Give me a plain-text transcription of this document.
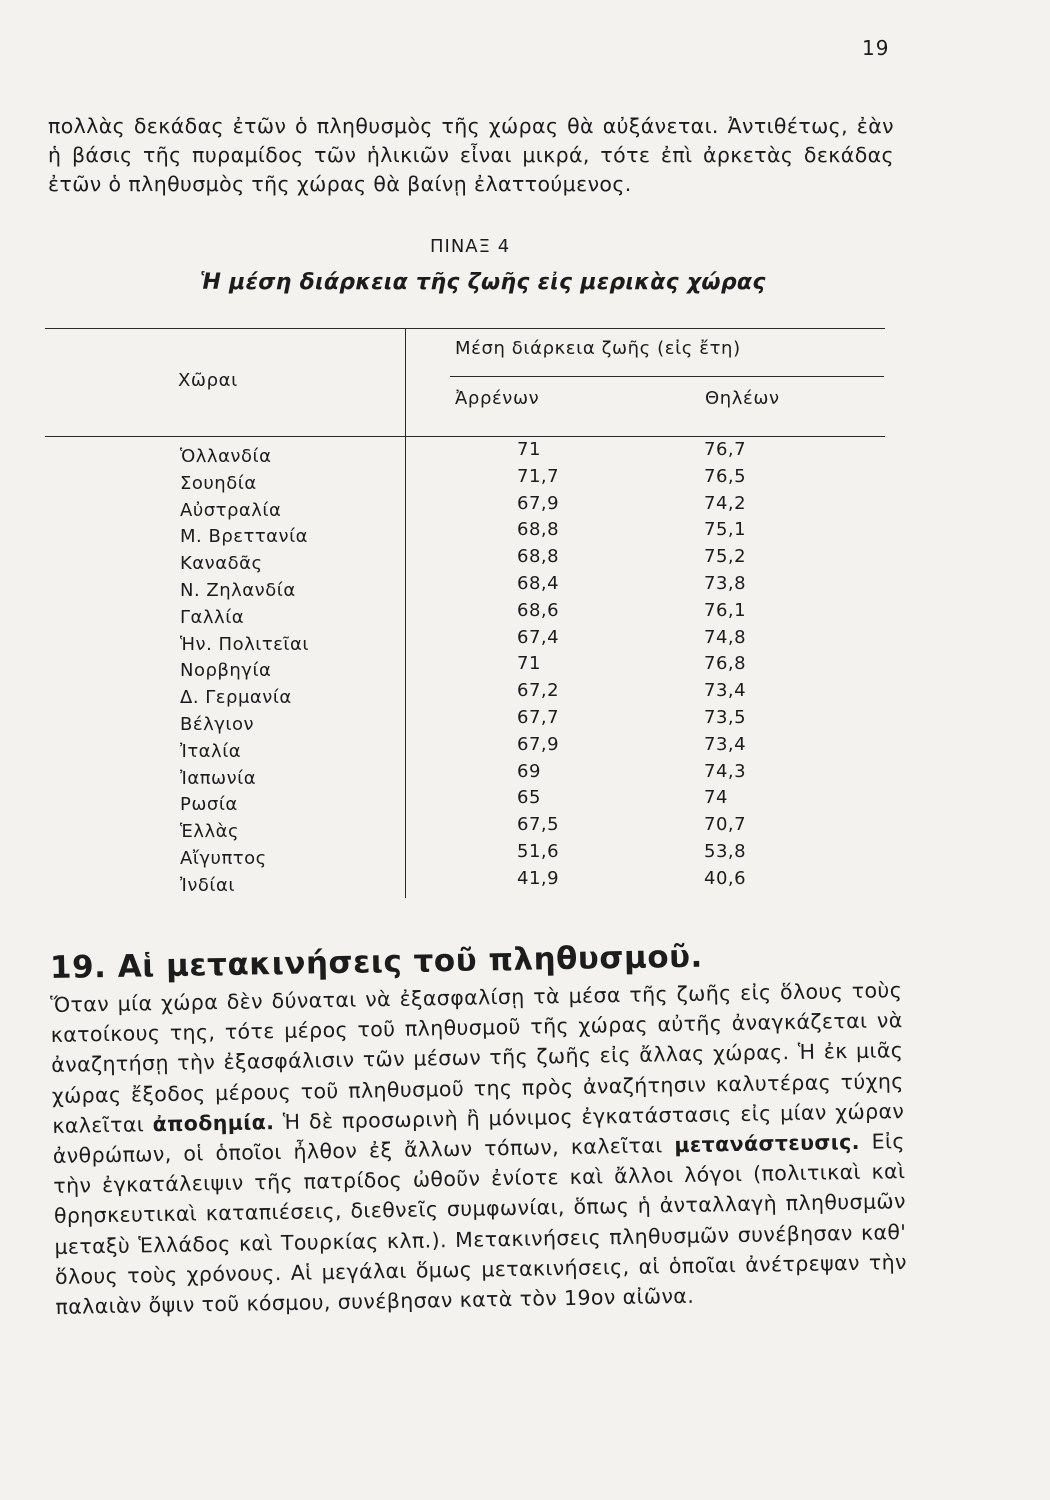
19

πολλὰς δεκάδας ἐτῶν ὁ πληθυσμὸς τῆς χώρας θὰ αὐξάνεται. Ἀντιθέτως, ἐὰν ἡ βάσις τῆς πυραμίδος τῶν ἡλικιῶν εἶναι μικρά, τότε ἐπὶ ἀρκετὰς δεκάδας ἐτῶν ὁ πληθυσμὸς τῆς χώρας θὰ βαίνῃ ἐλαττούμενος.

ΠΙΝΑΞ 4
Ἡ μέση διάρκεια τῆς ζωῆς εἰς μερικὰς χώρας
Χῶραι
Μέση διάρκεια ζωῆς (εἰς ἔτη)
Ἀρρένων	Θηλέων
Ὁλλανδία	71	76,7
Σουηδία	71,7	76,5
Αὐστραλία	67,9	74,2
Μ. Βρεττανία	68,8	75,1
Καναδᾶς	68,8	75,2
Ν. Ζηλανδία	68,4	73,8
Γαλλία	68,6	76,1
Ἡν. Πολιτεῖαι	67,4	74,8
Νορβηγία	71	76,8
Δ. Γερμανία	67,2	73,4
Βέλγιον	67,7	73,5
Ἰταλία	67,9	73,4
Ἰαπωνία	69	74,3
Ρωσία	65	74
Ἑλλὰς	67,5	70,7
Αἴγυπτος	51,6	53,8
Ἰνδίαι	41,9	40,6
19. Αἱ μετακινήσεις τοῦ πληθυσμοῦ.

Ὅταν μία χώρα δὲν δύναται νὰ ἐξασφαλίσῃ τὰ μέσα τῆς ζωῆς εἰς ὅλους τοὺς κατοίκους της, τότε μέρος τοῦ πληθυσμοῦ τῆς χώρας αὐτῆς ἀναγκάζεται νὰ ἀναζητήσῃ τὴν ἐξασφάλισιν τῶν μέσων τῆς ζωῆς εἰς ἄλλας χώρας. Ἡ ἐκ μιᾶς χώρας ἔξοδος μέρους τοῦ πληθυσμοῦ της πρὸς ἀναζήτησιν καλυτέρας τύχης καλεῖται ἀποδημία. Ἡ δὲ προσωρινὴ ἢ μόνιμος ἐγκατάστασις εἰς μίαν χώραν ἀνθρώπων, οἱ ὁποῖοι ἦλθον ἐξ ἄλλων τόπων, καλεῖται μετανάστευσις. Εἰς τὴν ἐγκατάλειψιν τῆς πατρίδος ὠθοῦν ἐνίοτε καὶ ἄλλοι λόγοι (πολιτικαὶ καὶ θρησκευτικαὶ καταπιέσεις, διεθνεῖς συμφωνίαι, ὅπως ἡ ἀνταλλαγὴ πληθυσμῶν μεταξὺ Ἑλλάδος καὶ Τουρκίας κλπ.). Μετακινήσεις πληθυσμῶν συνέβησαν καθ' ὅλους τοὺς χρόνους. Αἱ μεγάλαι ὅμως μετακινήσεις, αἱ ὁποῖαι ἀνέτρεψαν τὴν παλαιὰν ὄψιν τοῦ κόσμου, συνέβησαν κατὰ τὸν 19ον αἰῶνα.
